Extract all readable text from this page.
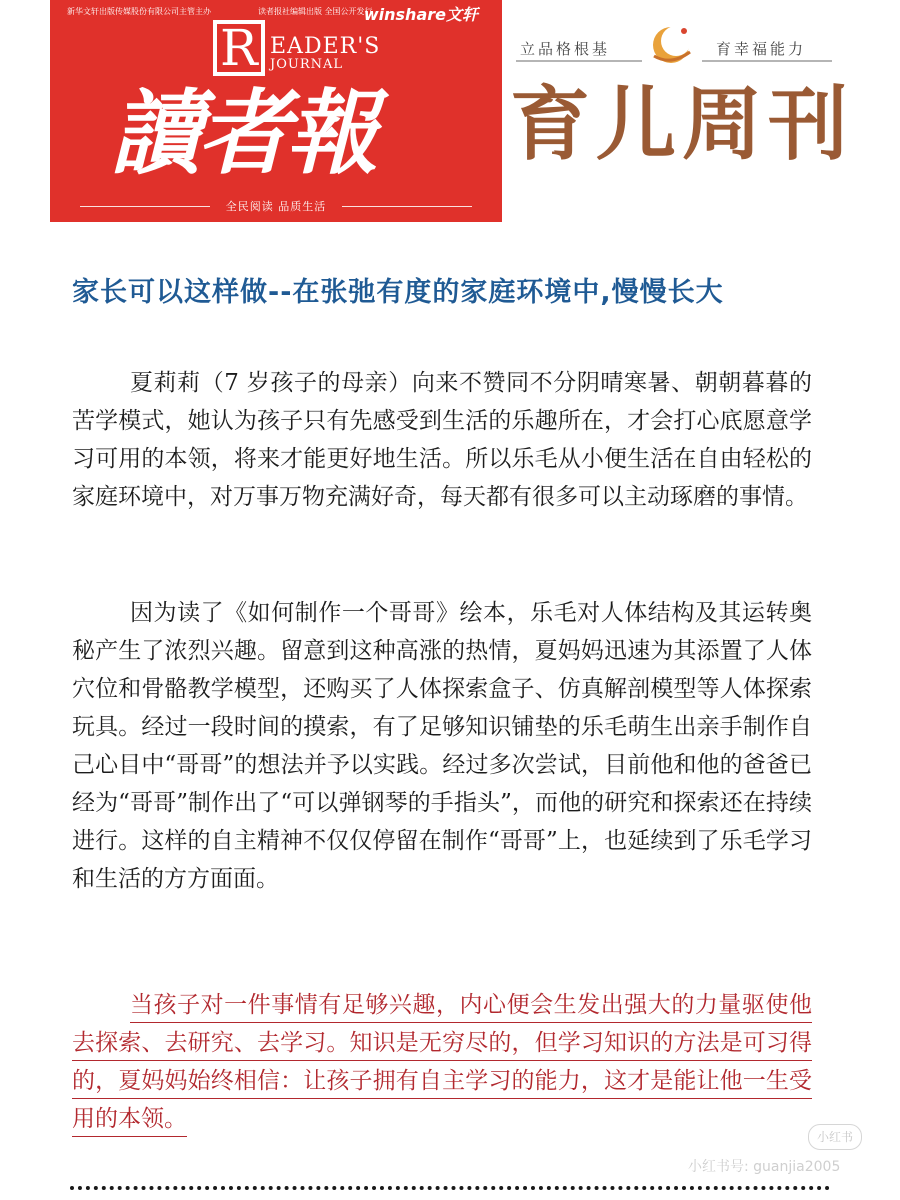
新华文轩出版传媒股份有限公司主管主办	读者报社编辑出版 全国公开发行
winshare文轩
R EADER'S
JOURNAL
讀者報
全民阅读 品质生活
立品格根基	育幸福能力
育儿周刊
家长可以这样做--在张弛有度的家庭环境中,慢慢长大

夏莉莉（7 岁孩子的母亲）向来不赞同不分阴晴寒暑、朝朝暮暮的苦学模式，她认为孩子只有先感受到生活的乐趣所在，才会打心底愿意学习可用的本领，将来才能更好地生活。所以乐毛从小便生活在自由轻松的家庭环境中，对万事万物充满好奇，每天都有很多可以主动琢磨的事情。

因为读了《如何制作一个哥哥》绘本，乐毛对人体结构及其运转奥秘产生了浓烈兴趣。留意到这种高涨的热情，夏妈妈迅速为其添置了人体穴位和骨骼教学模型，还购买了人体探索盒子、仿真解剖模型等人体探索玩具。经过一段时间的摸索，有了足够知识铺垫的乐毛萌生出亲手制作自己心目中“哥哥”的想法并予以实践。经过多次尝试，目前他和他的爸爸已经为“哥哥”制作出了“可以弹钢琴的手指头”，而他的研究和探索还在持续进行。这样的自主精神不仅仅停留在制作“哥哥”上，也延续到了乐毛学习和生活的方方面面。

当孩子对一件事情有足够兴趣，内心便会生发出强大的力量驱使他去探索、去研究、去学习。知识是无穷尽的，但学习知识的方法是可习得的，夏妈妈始终相信：让孩子拥有自主学习的能力，这才是能让他一生受用的本领。

小红书
小红书号: guanjia2005
